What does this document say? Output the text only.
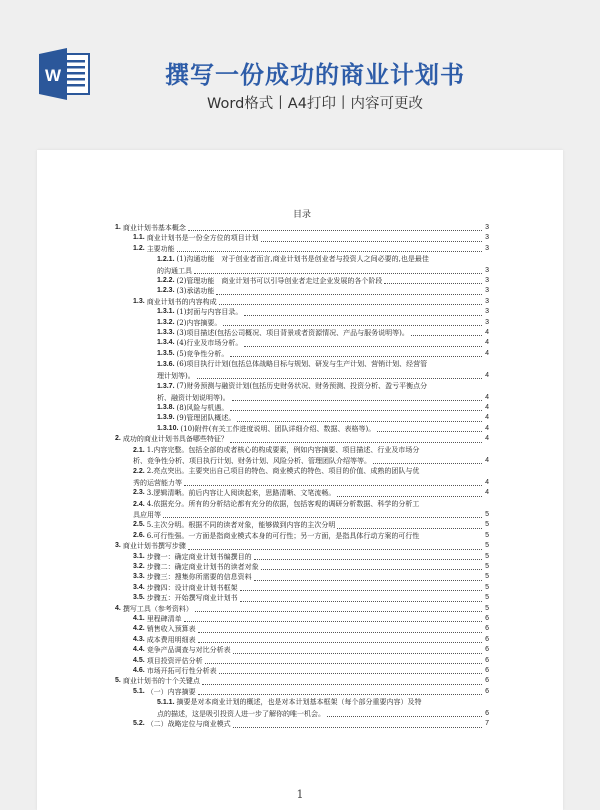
W	撰写一份成功的商业计划书
Word格式丨A4打印丨内容可更改
目录
1. 商业计划书基本概念	3
1.1. 商业计划书是一份全方位的项目计划	3
1.2. 主要功能	3
1.2.1. (1)沟通功能　对于创业者而言,商业计划书是创业者与投资人之间必要的,也是最佳
的沟通工具	3
1.2.2. (2)管理功能　商业计划书可以引导创业者走过企业发展的各个阶段	3
1.2.3. (3)承诺功能	3
1.3. 商业计划书的内容构成	3
1.3.1. (1)封面与内容目录。	3
1.3.2. (2)内容摘要。	3
1.3.3. (3)项目描述(包括公司概况、项目背景或者资源情况、产品与服务说明等)。	4
1.3.4. (4)行业及市场分析。	4
1.3.5. (5)竞争性分析。	4
1.3.6. (6)项目执行计划(包括总体战略目标与规划、研发与生产计划、营销计划、经营管
理计划等)。	4
1.3.7. (7)财务预测与融资计划(包括历史财务状况、财务预测、投资分析、盈亏平衡点分
析、融资计划说明等)。	4
1.3.8. (8)风险与机遇。	4
1.3.9. (9)管理团队概述。	4
1.3.10. (10)附件(有关工作进度说明、团队详细介绍、数据、表格等)。	4
2. 成功的商业计划书具备哪些特征？	4
2.1. 1.内容完整。包括全部的或者核心的构成要素，例如内容摘要、项目描述、行业及市场分
析、竞争性分析、项目执行计划、财务计划、风险分析、管理团队介绍等等。	4
2.2. 2.亮点突出。主要突出自己项目的特色、商业模式的特色、项目的价值、成熟的团队与优
秀的运营能力等	4
2.3. 3.逻辑清晰。前后内容让人阅读起来，思路清晰、文笔流畅。	4
2.4. 4.依据充分。所有的分析结论都有充分的依据，包括客观的调研分析数据、科学的分析工
具应用等	5
2.5. 5.主次分明。根据不同的读者对象，能够做到内容的主次分明	5
2.6. 6.可行性强。一方面是指商业模式本身的可行性；另一方面，是指具体行动方案的可行性	5
3. 商业计划书撰写步骤	5
3.1. 步骤一：确定商业计划书编撰目的	5
3.2. 步骤二：确定商业计划书的读者对象	5
3.3. 步骤三：搜集你所需要的信息资料	5
3.4. 步骤四：设计商业计划书框架	5
3.5. 步骤五：开始撰写商业计划书	5
4. 撰写工具（参考资料）	5
4.1. 里程碑清单	6
4.2. 销售收入预算表	6
4.3. 成本费用明细表	6
4.4. 竞争产品调查与对比分析表	6
4.5. 项目投资评估分析	6
4.6. 市场开拓可行性分析表	6
5. 商业计划书的十个关键点	6
5.1. （一）内容摘要	6
5.1.1. 摘要是对本商业计划的概述，也是对本计划基本框架（每个部分重要内容）及特
点的描述，这是吸引投资人进一步了解你的唯一机会。	6
5.2. （二）战略定位与商业模式	7
1
